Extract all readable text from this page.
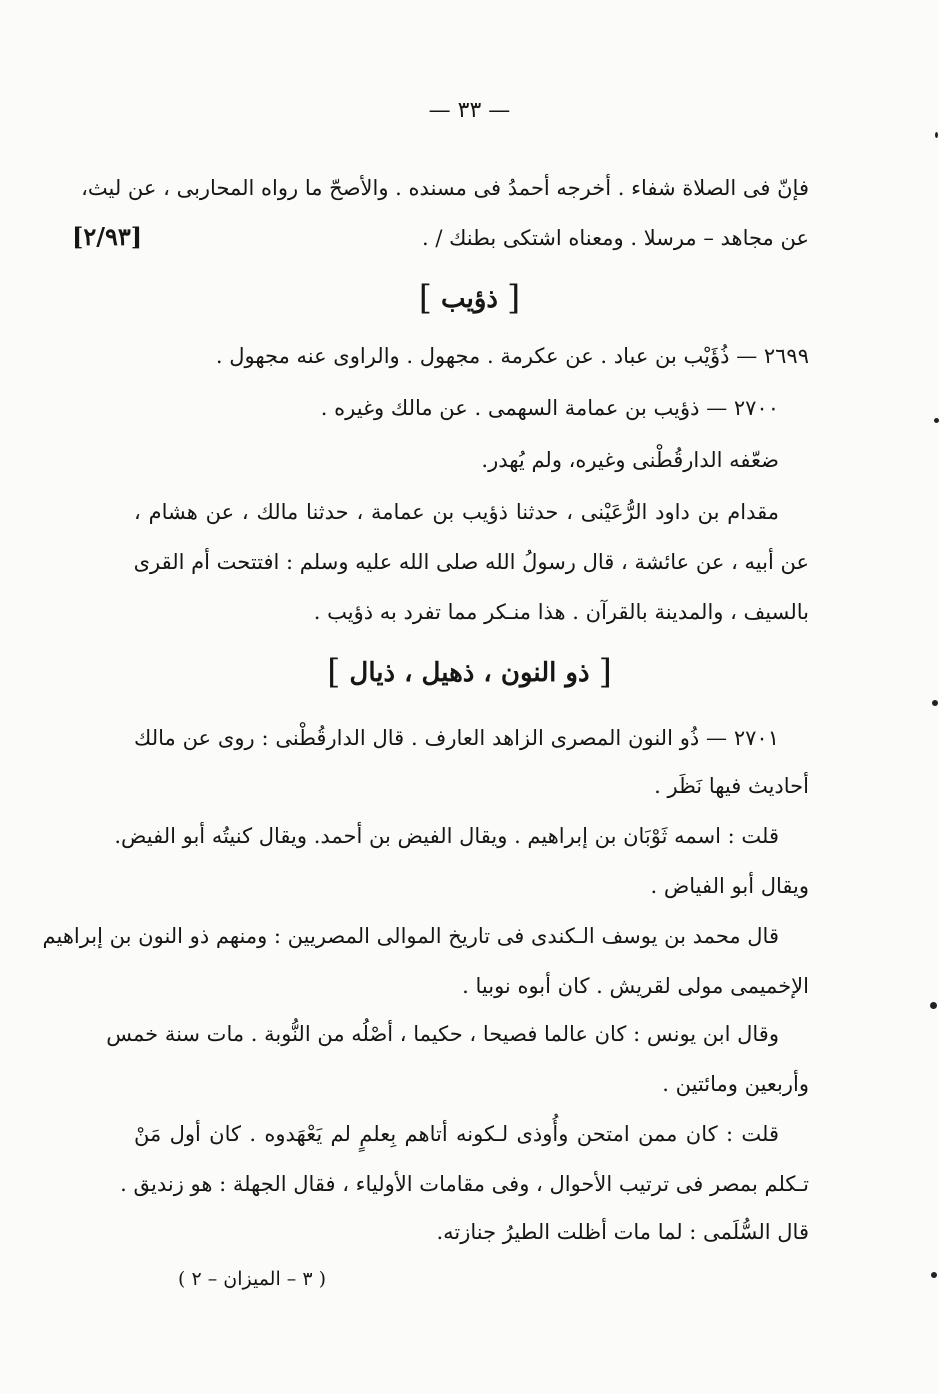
— ٣٣ —
فإنّ فى الصلاة شفاء . أخرجه أحمدُ فى مسنده . والأصحّ ما رواه المحاربى ، عن ليث،
عن مجاهد – مرسلا . ومعناه اشتكى بطنك / .
[٢/٩٣]
[ ذؤيب ]
٢٦٩٩ — ذُؤَيْب بن عباد . عن عكرمة . مجهول . والراوى عنه مجهول .
٢٧٠٠ — ذؤيب بن عمامة السهمى . عن مالك وغيره .
ضعّفه الدارقُطْنى وغيره، ولم يُهدر.
مقدام بن داود الرُّعَيْنى ، حدثنا ذؤيب بن عمامة ، حدثنا مالك ، عن هشام ،
عن أبيه ، عن عائشة ، قال رسولُ الله صلى الله عليه وسلم : افتتحت أم القرى
بالسيف ، والمدينة بالقرآن . هذا منـكر مما تفرد به ذؤيب .
[ ذو النون ، ذهيل ، ذيال ]
٢٧٠١ — ذُو النون المصرى الزاهد العارف . قال الدارقُطْنى : روى عن مالك
أحاديث فيها نَظَر .
قلت : اسمه ثَوْبَان بن إبراهيم . ويقال الفيض بن أحمد. ويقال كنيتُه أبو الفيض.
ويقال أبو الفياض .
قال محمد بن يوسف الـكندى فى تاريخ الموالى المصريين : ومنهم ذو النون بن إبراهيم
الإخميمى مولى لقريش . كان أبوه نوبيا .
وقال ابن يونس : كان عالما فصيحا ، حكيما ، أصْلُه من النُّوبة . مات سنة خمس
وأربعين ومائتين .
قلت : كان ممن امتحن وأُوذى لـكونه أتاهم بِعلمٍ لم يَعْهَدوه . كان أول مَنْ
تـكلم بمصر فى ترتيب الأحوال ، وفى مقامات الأولياء ، فقال الجهلة : هو زنديق .
قال السُّلَمى : لما مات أظلت الطيرُ جنازته.
( ٣ – الميزان – ٢ )
